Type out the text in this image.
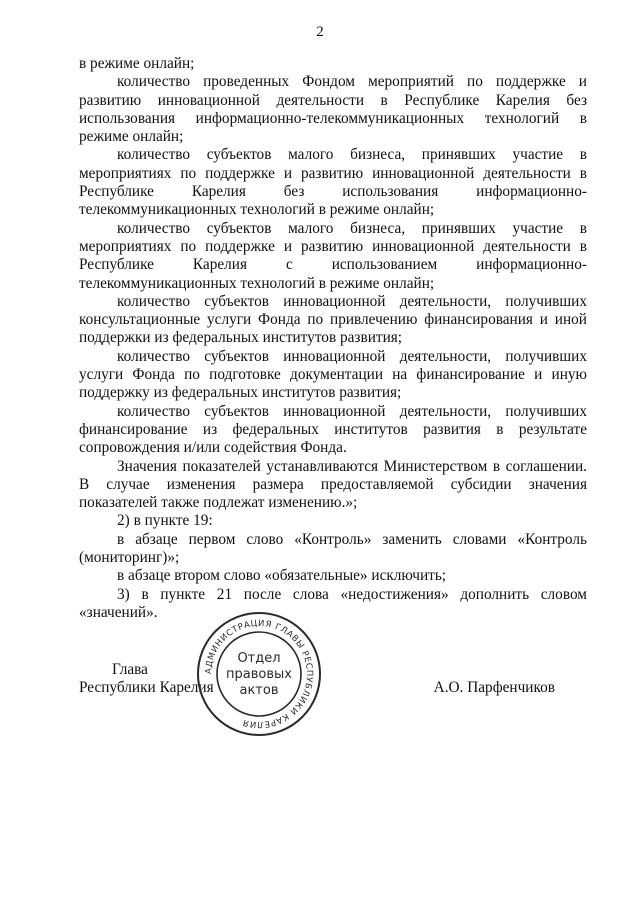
2

в режиме онлайн;

количество проведенных Фондом мероприятий по поддержке и развитию инновационной деятельности в Республике Карелия без использования информационно-телекоммуникационных технологий в режиме онлайн;

количество субъектов малого бизнеса, принявших участие в мероприятиях по поддержке и развитию инновационной деятельности в Республике Карелия без использования информационно-телекоммуникационных технологий в режиме онлайн;

количество субъектов малого бизнеса, принявших участие в мероприятиях по поддержке и развитию инновационной деятельности в Республике Карелия с использованием информационно-телекоммуникационных технологий в режиме онлайн;

количество субъектов инновационной деятельности, получивших консультационные услуги Фонда по привлечению финансирования и иной поддержки из федеральных институтов развития;

количество субъектов инновационной деятельности, получивших услуги Фонда по подготовке документации на финансирование и иную поддержку из федеральных институтов развития;

количество субъектов инновационной деятельности, получивших финансирование из федеральных институтов развития в результате сопровождения и/или содействия Фонда.

Значения показателей устанавливаются Министерством в соглашении. В случае изменения размера предоставляемой субсидии значения показателей также подлежат изменению.»;

2) в пункте 19:

в абзаце первом слово «Контроль» заменить словами «Контроль (мониторинг)»;

в абзаце втором слово «обязательные» исключить;

3) в пункте 21 после слова «недостижения» дополнить словом «значений».

Глава
Республики Карелия	А.О. Парфенчиков
АДМИНИСТРАЦИЯ ГЛАВЫ РЕСПУБЛИКИ КАРЕЛИЯ
Отдел
правовых
актов
